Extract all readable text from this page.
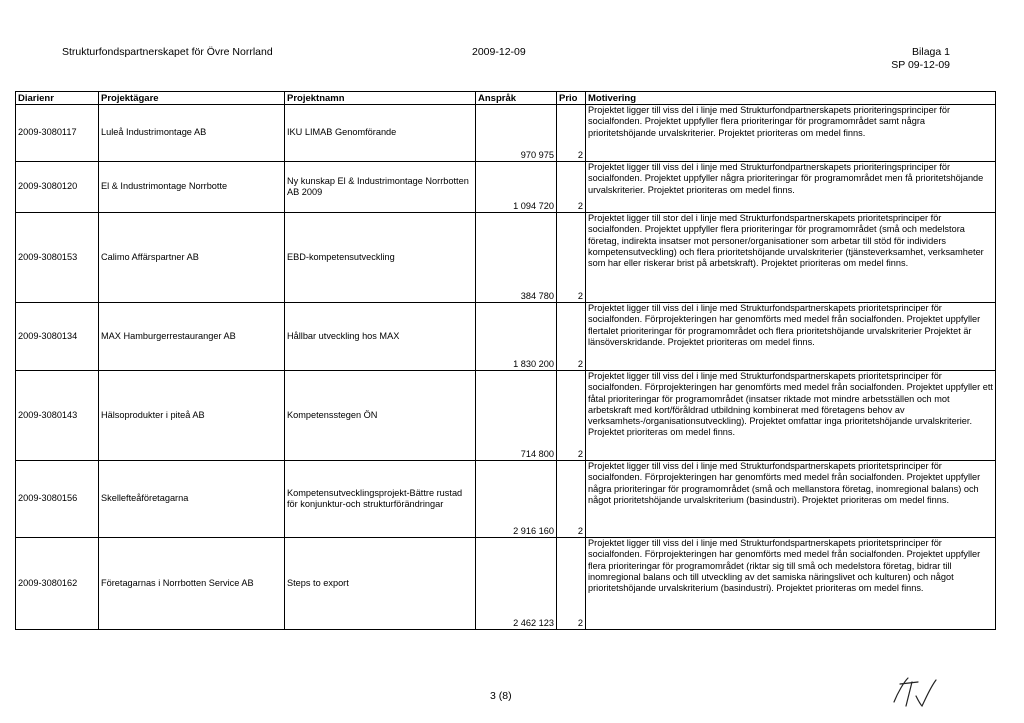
Strukturfondspartnerskapet för Övre Norrland	2009-12-09	Bilaga 1
SP 09-12-09
Diarienr	Projektägare	Projektnamn	Anspråk	Prio	Motivering
2009-3080117	Luleå Industrimontage AB	IKU LIMAB Genomförande	970 975	2	Projektet ligger till viss del i linje med Strukturfondpartnerskapets prioriteringsprinciper för socialfonden. Projektet uppfyller flera prioriteringar för programområdet samt några prioritetshöjande urvalskriterier. Projektet prioriteras om medel finns.
2009-3080120	El & Industrimontage Norrbotte	Ny kunskap El & Industrimontage Norrbotten AB 2009	1 094 720	2	Projektet ligger till viss del i linje med Strukturfondpartnerskapets prioriteringsprinciper för socialfonden. Projektet uppfyller några prioriteringar för programområdet men få prioritetshöjande urvalskriterier. Projektet prioriteras om medel finns.
2009-3080153	Calimo Affärspartner AB	EBD-kompetensutveckling	384 780	2	Projektet ligger till stor del i linje med Strukturfondspartnerskapets prioritetsprinciper för socialfonden. Projektet uppfyller flera prioriteringar för programområdet (små och medelstora företag, indirekta insatser mot personer/organisationer som arbetar till stöd för individers kompetensutveckling) och flera prioritetshöjande urvalskriterier (tjänsteverksamhet, verksamheter som har eller riskerar brist på arbetskraft). Projektet prioriteras om medel finns.
2009-3080134	MAX Hamburgerrestauranger AB	Hållbar utveckling hos MAX	1 830 200	2	Projektet ligger till viss del i linje med Strukturfondspartnerskapets prioritetsprinciper för socialfonden. Förprojekteringen har genomförts med medel från socialfonden. Projektet uppfyller flertalet prioriteringar för programområdet och flera prioritetshöjande urvalskriterier Projektet är länsöverskridande. Projektet prioriteras om medel finns.
2009-3080143	Hälsoprodukter i piteå AB	Kompetensstegen ÖN	714 800	2	Projektet ligger till viss del i linje med Strukturfondspartnerskapets prioritetsprinciper för socialfonden. Förprojekteringen har genomförts med medel från socialfonden. Projektet uppfyller ett fåtal prioriteringar för programområdet (insatser riktade mot mindre arbetsställen och mot arbetskraft med kort/föråldrad utbildning kombinerat med företagens behov av verksamhets-/organisationsutveckling). Projektet omfattar inga prioritetshöjande urvalskriterier. Projektet prioriteras om medel finns.
2009-3080156	Skellefteåföretagarna	Kompetensutvecklingsprojekt-Bättre rustad för konjunktur-och strukturförändringar	2 916 160	2	Projektet ligger till viss del i linje med Strukturfondspartnerskapets prioritetsprinciper för socialfonden. Förprojekteringen har genomförts med medel från socialfonden. Projektet uppfyller några prioriteringar för programområdet (små och mellanstora företag, inomregional balans) och något prioritetshöjande urvalskriterium (basindustri). Projektet prioriteras om medel finns.
2009-3080162	Företagarnas i Norrbotten Service AB	Steps to export	2 462 123	2	Projektet ligger till viss del i linje med Strukturfondspartnerskapets prioritetsprinciper för socialfonden. Förprojekteringen har genomförts med medel från socialfonden. Projektet uppfyller flera prioriteringar för programområdet (riktar sig till små och medelstora företag, bidrar till inomregional balans och till utveckling av det samiska näringslivet och kulturen) och något prioritetshöjande urvalskriterium (basindustri). Projektet prioriteras om medel finns.
3 (8)
